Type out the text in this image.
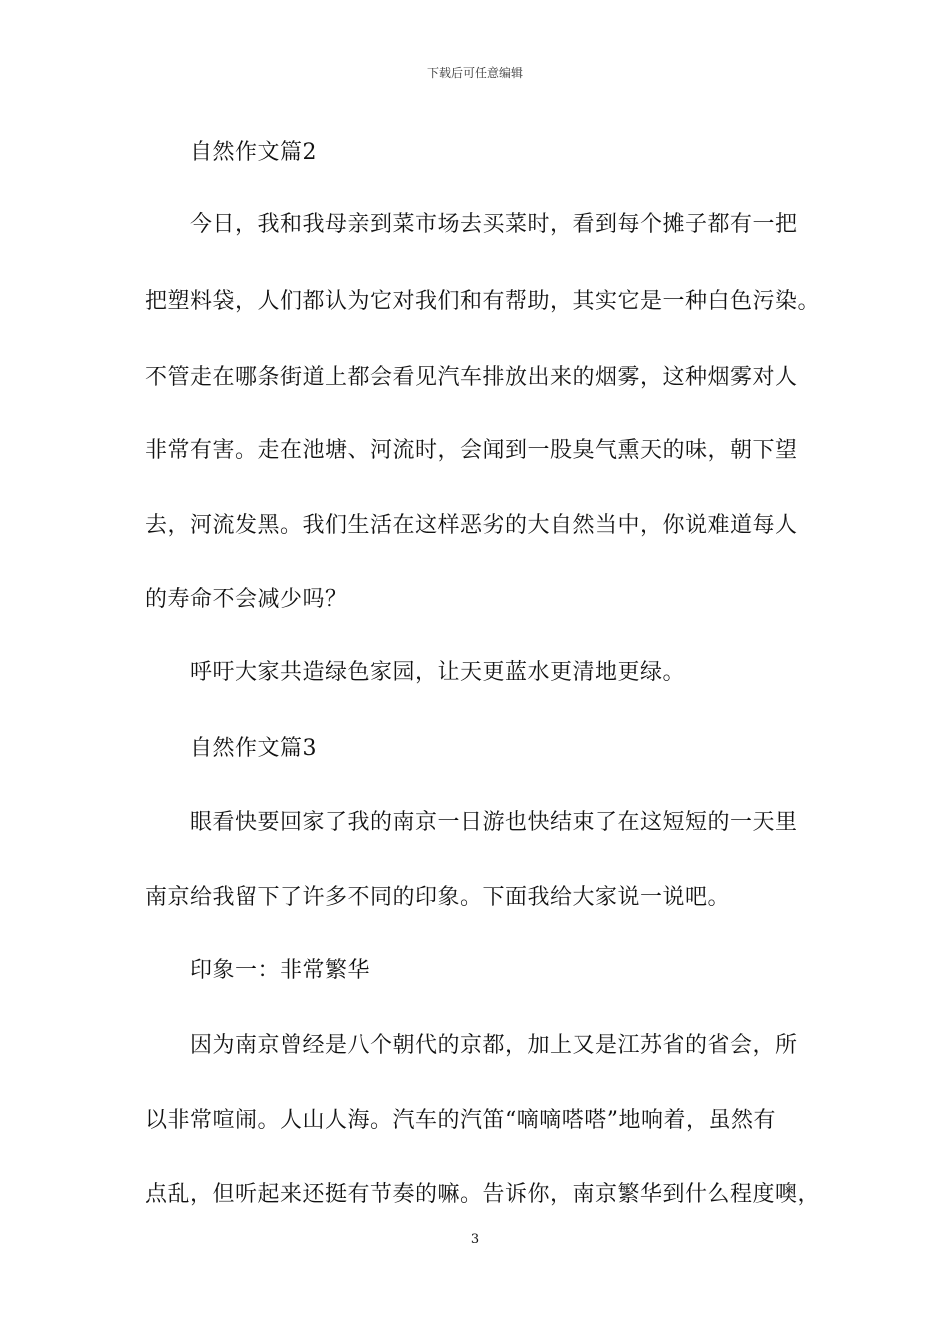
下载后可任意编辑
自然作文篇2
今日，我和我母亲到菜市场去买菜时，看到每个摊子都有一把
把塑料袋，人们都认为它对我们和有帮助，其实它是一种白色污染。
不管走在哪条街道上都会看见汽车排放出来的烟雾，这种烟雾对人
非常有害。走在池塘、河流时，会闻到一股臭气熏天的味，朝下望
去，河流发黑。我们生活在这样恶劣的大自然当中，你说难道每人
的寿命不会减少吗？
呼吁大家共造绿色家园，让天更蓝水更清地更绿。
自然作文篇3
眼看快要回家了我的南京一日游也快结束了在这短短的一天里
南京给我留下了许多不同的印象。下面我给大家说一说吧。
印象一：非常繁华
因为南京曾经是八个朝代的京都，加上又是江苏省的省会，所
以非常喧闹。人山人海。汽车的汽笛“嘀嘀嗒嗒”地响着，虽然有
点乱，但听起来还挺有节奏的嘛。告诉你，南京繁华到什么程度噢，
3
